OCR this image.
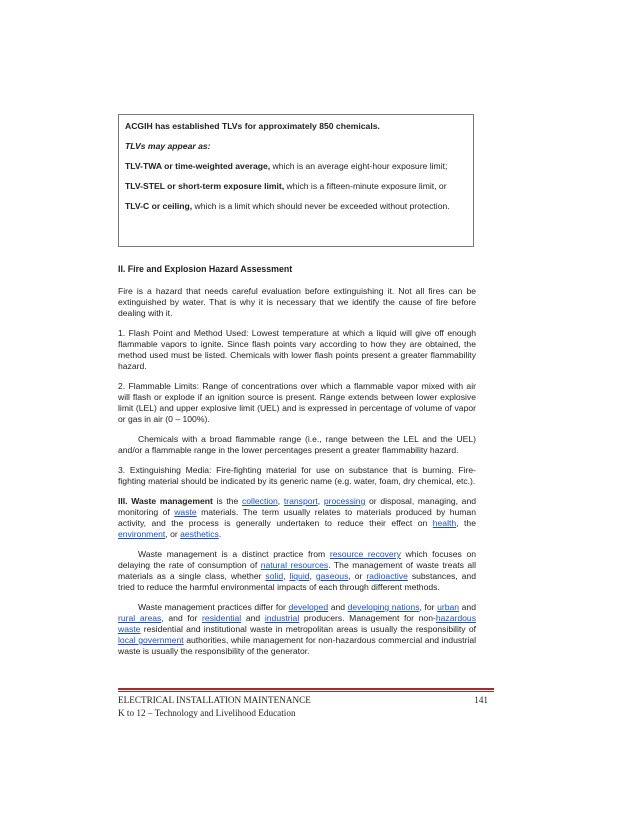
ACGIH has established TLVs for approximately 850 chemicals.

TLVs may appear as:

TLV-TWA or time-weighted average, which is an average eight-hour exposure limit;

TLV-STEL or short-term exposure limit, which is a fifteen-minute exposure limit, or

TLV-C or ceiling, which is a limit which should never be exceeded without protection.

II. Fire and Explosion Hazard Assessment

Fire is a hazard that needs careful evaluation before extinguishing it. Not all fires can be extinguished by water. That is why it is necessary that we identify the cause of fire before dealing with it.

1. Flash Point and Method Used: Lowest temperature at which a liquid will give off enough flammable vapors to ignite. Since flash points vary according to how they are obtained, the method used must be listed. Chemicals with lower flash points present a greater flammability hazard.

2. Flammable Limits: Range of concentrations over which a flammable vapor mixed with air will flash or explode if an ignition source is present. Range extends between lower explosive limit (LEL) and upper explosive limit (UEL) and is expressed in percentage of volume of vapor or gas in air (0 – 100%).

Chemicals with a broad flammable range (i.e., range between the LEL and the UEL) and/or a flammable range in the lower percentages present a greater flammability hazard.

3. Extinguishing Media: Fire-fighting material for use on substance that is burning. Fire-fighting material should be indicated by its generic name (e.g. water, foam, dry chemical, etc.).

III. Waste management is the collection, transport, processing or disposal, managing, and monitoring of waste materials. The term usually relates to materials produced by human activity, and the process is generally undertaken to reduce their effect on health, the environment, or aesthetics.

Waste management is a distinct practice from resource recovery which focuses on delaying the rate of consumption of natural resources. The management of waste treats all materials as a single class, whether solid, liquid, gaseous, or radioactive substances, and tried to reduce the harmful environmental impacts of each through different methods.

Waste management practices differ for developed and developing nations, for urban and rural areas, and for residential and industrial producers. Management for non-hazardous waste residential and institutional waste in metropolitan areas is usually the responsibility of local government authorities, while management for non-hazardous commercial and industrial waste is usually the responsibility of the generator.

ELECTRICAL INSTALLATION MAINTENANCE
K to 12 – Technology and Livelihood Education
141
